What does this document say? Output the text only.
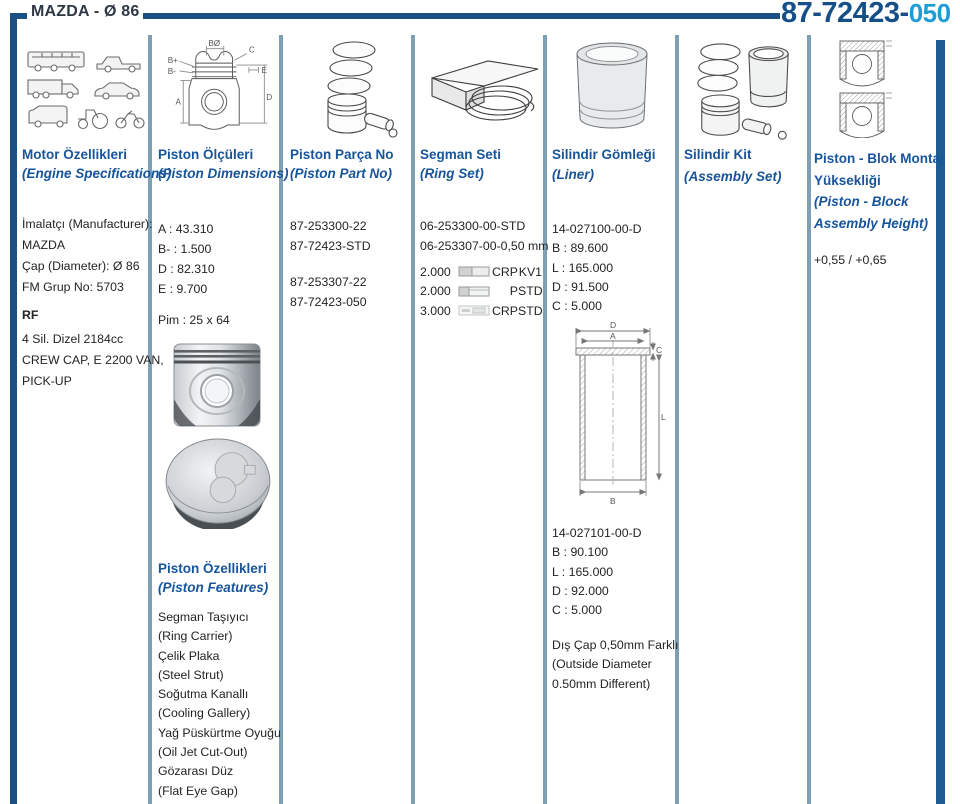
MAZDA - Ø 86	87-72423-050
Motor Özellikleri
(Engine Specifications)
İmalatçı (Manufacturer):
MAZDA
Çap (Diameter): Ø 86
FM Grup No: 5703
RF
4 Sil. Dizel 2184cc
CREW CAP, E 2200 VAN,
PICK-UP
BØ
B+
B-
A
C
E
D
Piston Ölçüleri
(Piston Dimensions)
A : 43.310
B- : 1.500
D : 82.310
E : 9.700
Pim : 25 x 64
Piston Özellikleri
(Piston Features)
Segman Taşıyıcı
(Ring Carrier)
Çelik Plaka
(Steel Strut)
Soğutma Kanallı
(Cooling Gallery)
Yağ Püskürtme Oyuğu
(Oil Jet Cut-Out)
Gözarası Düz
(Flat Eye Gap)
Piston Parça No
(Piston Part No)
87-253300-22
87-72423-STD
87-253307-22
87-72423-050
Segman Seti
(Ring Set)
06-253300-00-STD
06-253307-00-0,50 mm
2.000	CRP KV1
2.000	P STD
3.000	CRP STD
Silindir Gömleği
(Liner)
14-027100-00-D
B : 89.600
L : 165.000
D : 91.500
C : 5.000
D
A
C
L
B
14-027101-00-D
B : 90.100
L : 165.000
D : 92.000
C : 5.000
Dış Çap 0,50mm Farklı
(Outside Diameter
0.50mm Different)
Silindir Kit
(Assembly Set)
Piston - Blok Montaj
Yüksekliği
(Piston - Block
Assembly Height)
+0,55 / +0,65
